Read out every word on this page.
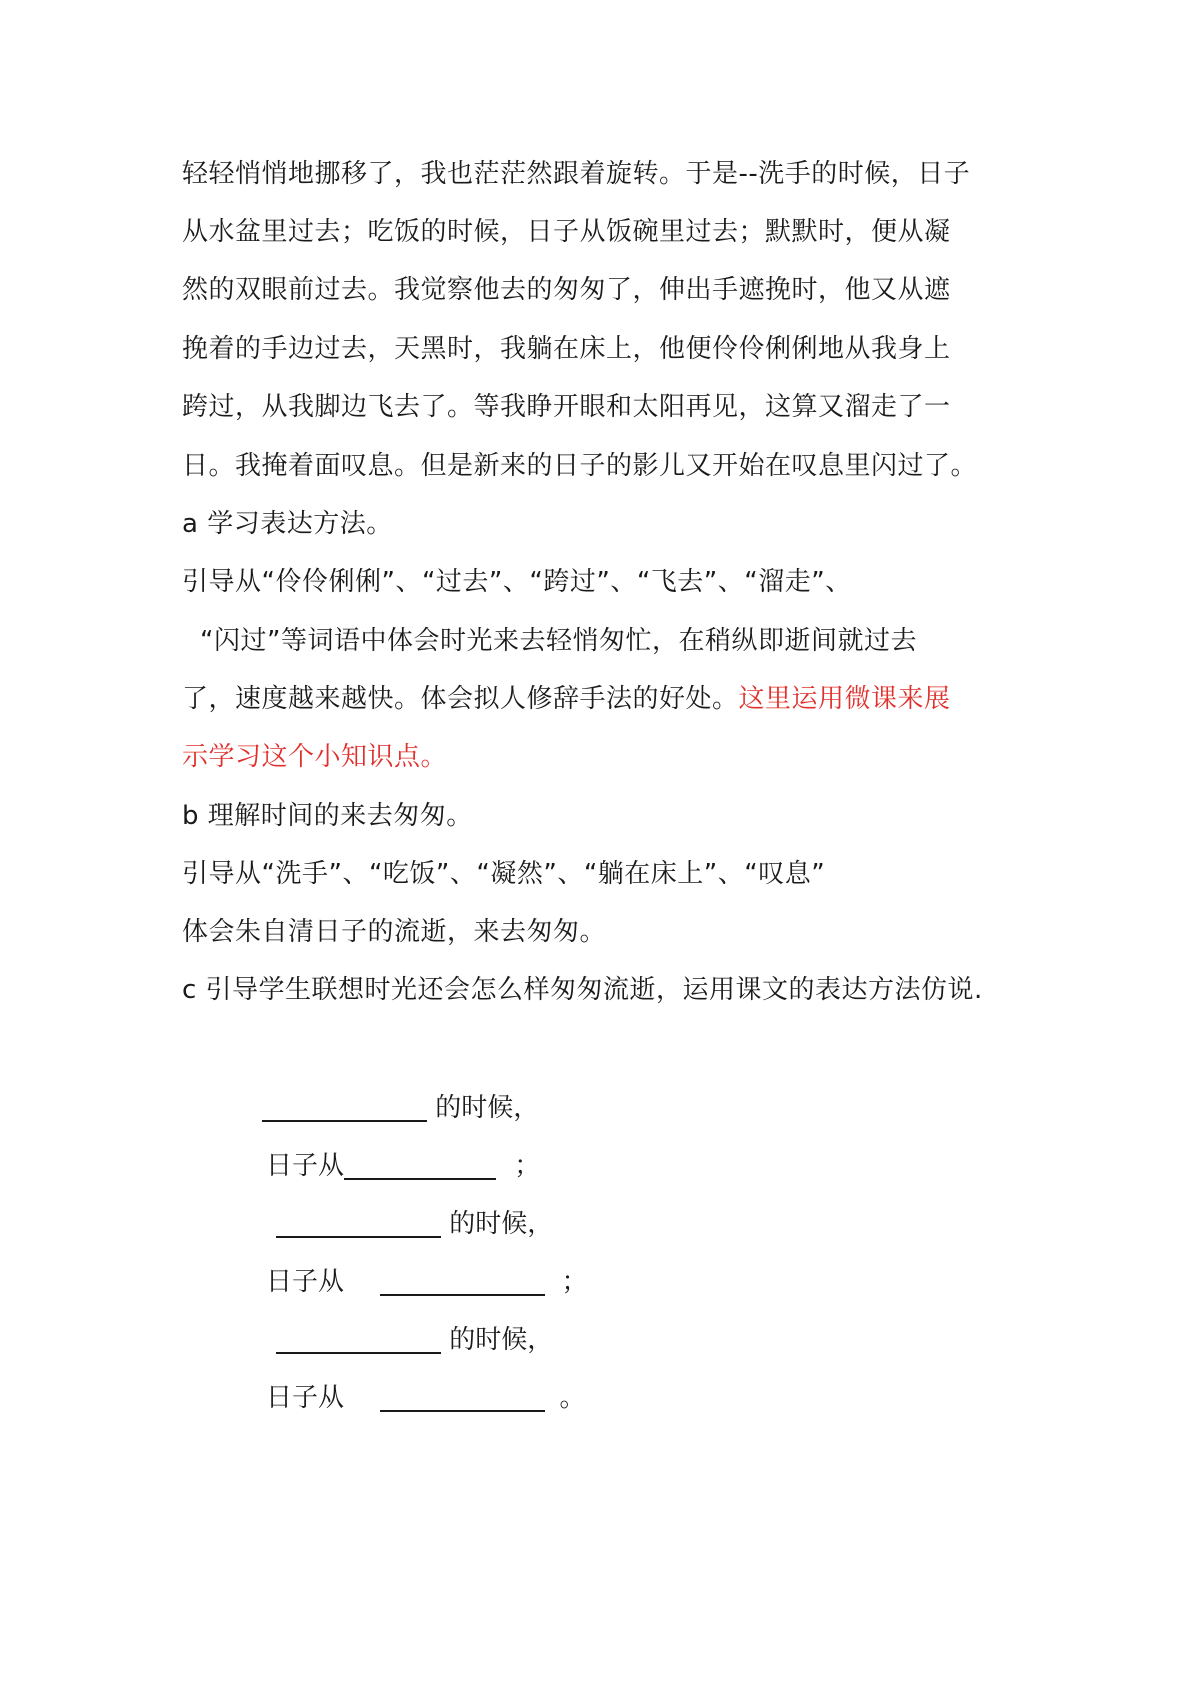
轻轻悄悄地挪移了，我也茫茫然跟着旋转。于是--洗手的时候，日子
从水盆里过去；吃饭的时候，日子从饭碗里过去；默默时，便从凝
然的双眼前过去。我觉察他去的匆匆了，伸出手遮挽时，他又从遮
挽着的手边过去，天黑时，我躺在床上，他便伶伶俐俐地从我身上
跨过，从我脚边飞去了。等我睁开眼和太阳再见，这算又溜走了一
日。我掩着面叹息。但是新来的日子的影儿又开始在叹息里闪过了。
a 学习表达方法。
引导从“伶伶俐俐”、“过去”、“跨过”、“飞去”、“溜走”、
“闪过”等词语中体会时光来去轻悄匆忙，在稍纵即逝间就过去
了，速度越来越快。体会拟人修辞手法的好处。这里运用微课来展
示学习这个小知识点。
b 理解时间的来去匆匆。
引导从“洗手”、“吃饭”、“凝然”、“躺在床上”、“叹息”
体会朱自清日子的流逝，来去匆匆。
c 引导学生联想时光还会怎么样匆匆流逝，运用课文的表达方法仿说.
的时候，
日子从	；
的时候，
日子从	；
的时候，
日子从	。
